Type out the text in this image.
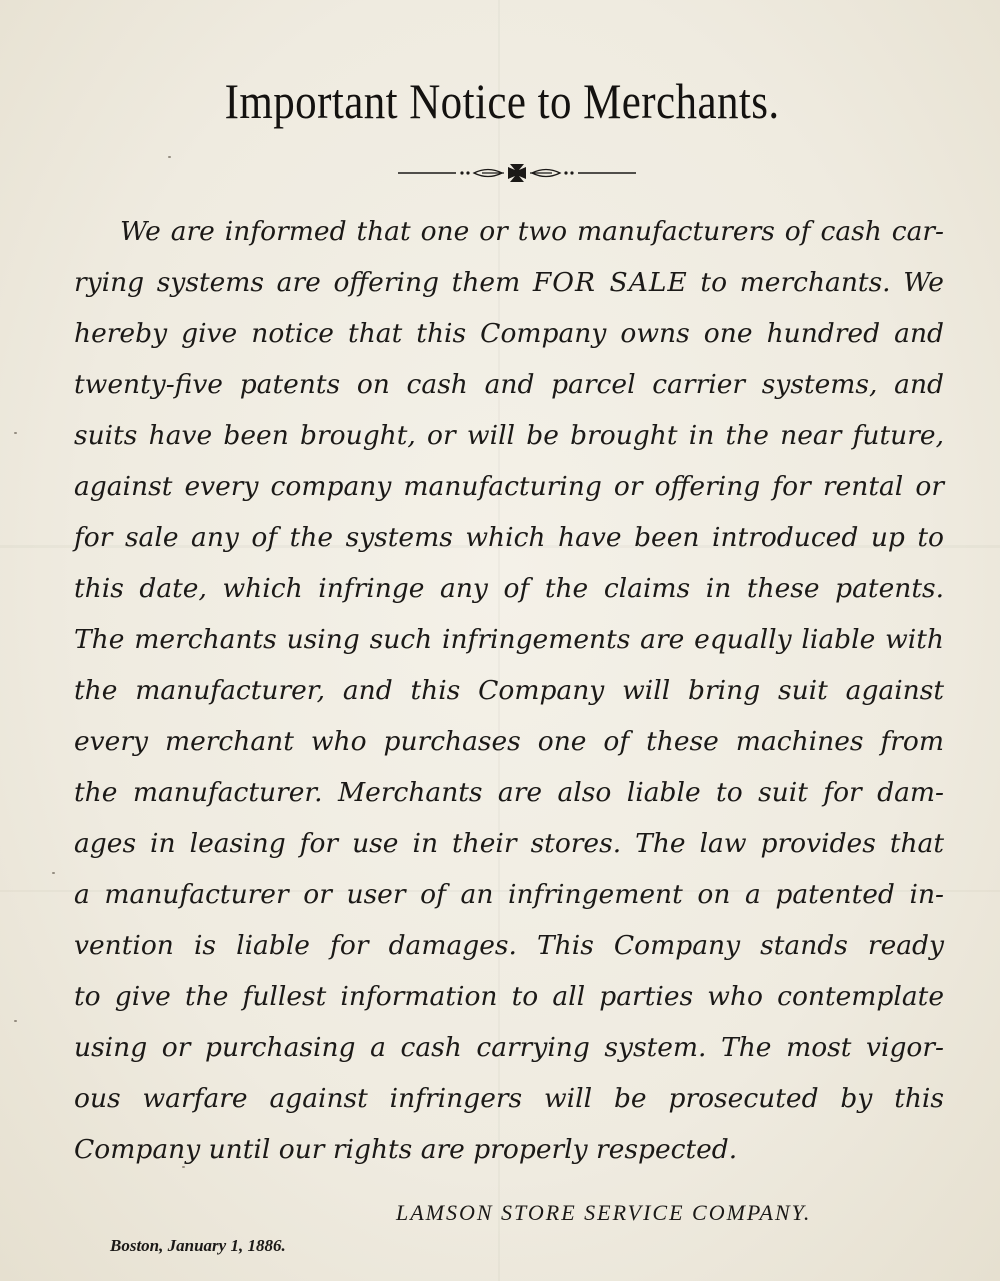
Important Notice to Merchants.
We are informed that one or two manufacturers of cash car-
rying systems are offering them FOR SALE to merchants. We
hereby give notice that this Company owns one hundred and
twenty-five patents on cash and parcel carrier systems, and
suits have been brought, or will be brought in the near future,
against every company manufacturing or offering for rental or
for sale any of the systems which have been introduced up to
this date, which infringe any of the claims in these patents.
The merchants using such infringements are equally liable with
the manufacturer, and this Company will bring suit against
every merchant who purchases one of these machines from
the manufacturer. Merchants are also liable to suit for dam-
ages in leasing for use in their stores. The law provides that
a manufacturer or user of an infringement on a patented in-
vention is liable for damages. This Company stands ready
to give the fullest information to all parties who contemplate
using or purchasing a cash carrying system. The most vigor-
ous warfare against infringers will be prosecuted by this
Company until our rights are properly respected.
LAMSON STORE SERVICE COMPANY.
Boston, January 1, 1886.
